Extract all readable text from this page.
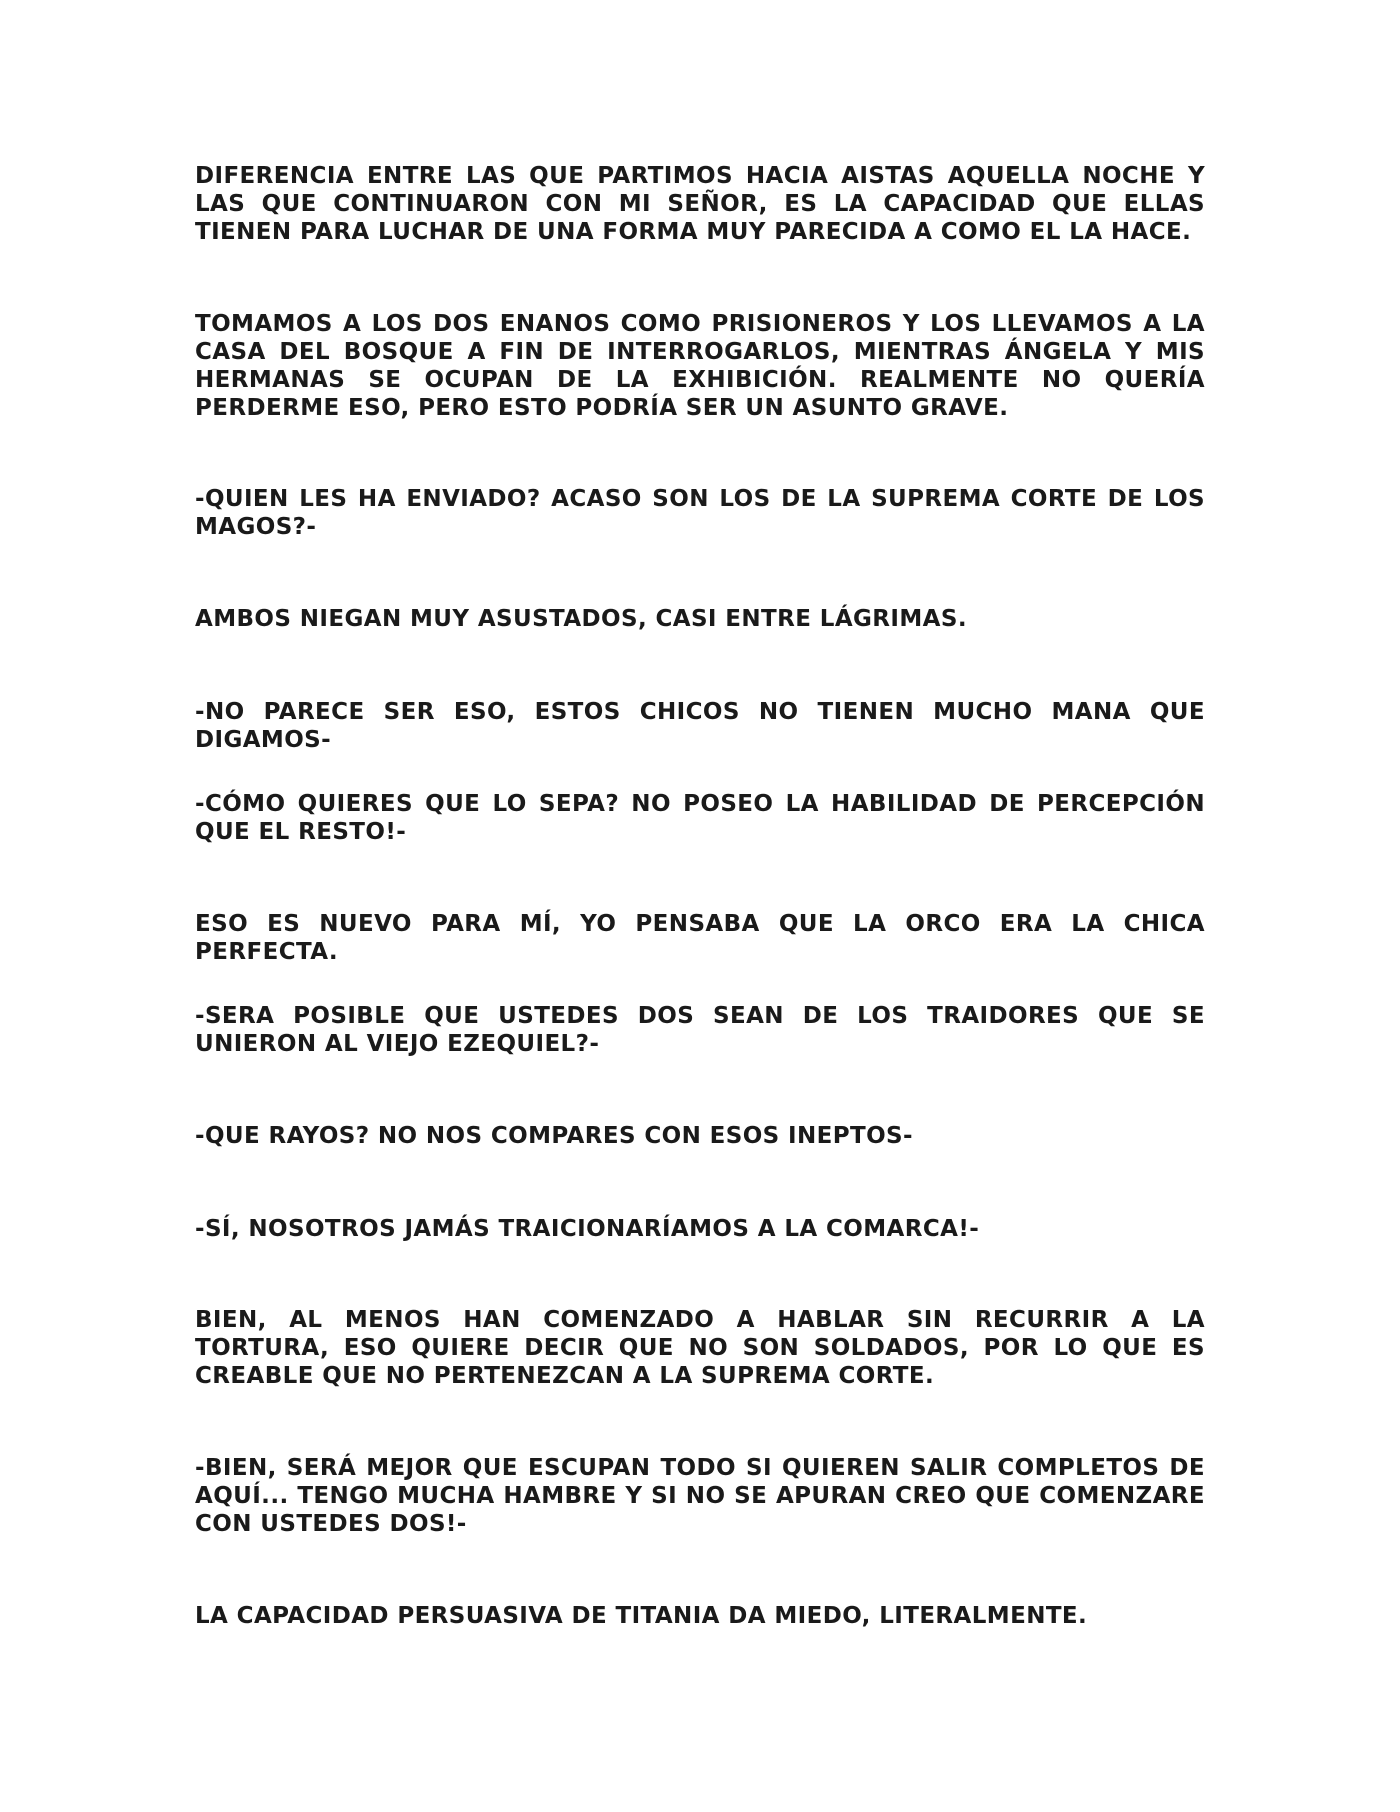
DIFERENCIA ENTRE LAS QUE PARTIMOS HACIA AISTAS AQUELLA NOCHE Y LAS QUE CONTINUARON CON MI SEÑOR, ES LA CAPACIDAD QUE ELLAS TIENEN PARA LUCHAR DE UNA FORMA MUY PARECIDA A COMO EL LA HACE.

TOMAMOS A LOS DOS ENANOS COMO PRISIONEROS Y LOS LLEVAMOS A LA CASA DEL BOSQUE A FIN DE INTERROGARLOS, MIENTRAS ÁNGELA Y MIS HERMANAS SE OCUPAN DE LA EXHIBICIÓN. REALMENTE NO QUERÍA PERDERME ESO, PERO ESTO PODRÍA SER UN ASUNTO GRAVE.

-QUIEN LES HA ENVIADO? ACASO SON LOS DE LA SUPREMA CORTE DE LOS MAGOS?-

AMBOS NIEGAN MUY ASUSTADOS, CASI ENTRE LÁGRIMAS.

-NO PARECE SER ESO, ESTOS CHICOS NO TIENEN MUCHO MANA QUE DIGAMOS-

-CÓMO QUIERES QUE LO SEPA? NO POSEO LA HABILIDAD DE PERCEPCIÓN QUE EL RESTO!-

ESO ES NUEVO PARA MÍ, YO PENSABA QUE LA ORCO ERA LA CHICA PERFECTA.

-SERA POSIBLE QUE USTEDES DOS SEAN DE LOS TRAIDORES QUE SE UNIERON AL VIEJO EZEQUIEL?-

-QUE RAYOS? NO NOS COMPARES CON ESOS INEPTOS-

-SÍ, NOSOTROS JAMÁS TRAICIONARÍAMOS A LA COMARCA!-

BIEN, AL MENOS HAN COMENZADO A HABLAR SIN RECURRIR A LA TORTURA, ESO QUIERE DECIR QUE NO SON SOLDADOS, POR LO QUE ES CREABLE QUE NO PERTENEZCAN A LA SUPREMA CORTE.

-BIEN, SERÁ MEJOR QUE ESCUPAN TODO SI QUIEREN SALIR COMPLETOS DE AQUÍ... TENGO MUCHA HAMBRE Y SI NO SE APURAN CREO QUE COMENZARE CON USTEDES DOS!-

LA CAPACIDAD PERSUASIVA DE TITANIA DA MIEDO, LITERALMENTE.
